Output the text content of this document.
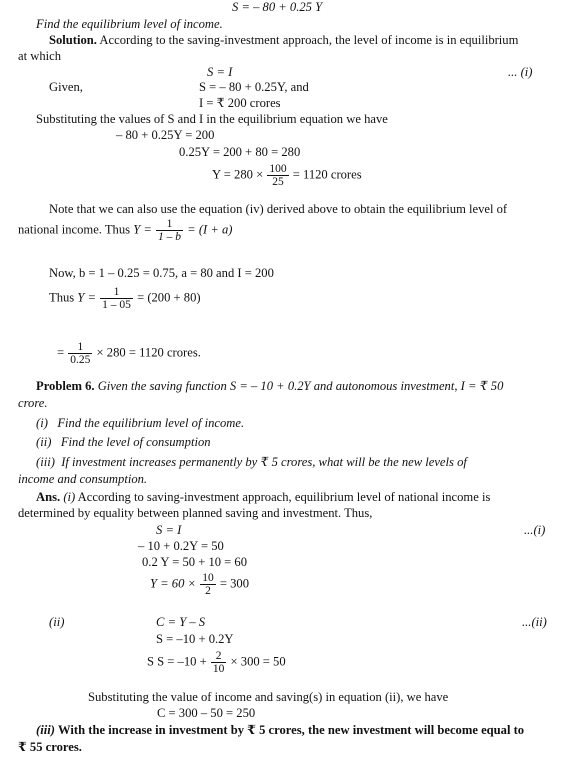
S = – 80 + 0.25 Y
Find the equilibrium level of income.
Solution. According to the saving-investment approach, the level of income is in equilibrium
at which
S = I	... (i)
Given,	S = – 80 + 0.25Y, and
I = ₹ 200 crores
Substituting the values of S and I in the equilibrium equation we have
– 80 + 0.25Y = 200
0.25Y = 200 + 80 = 280
$Y = 280 \times \frac{100}{25} = 1120$ crores
Note that we can also use the equation (iv) derived above to obtain the equilibrium level of
national income. Thus $Y = \frac{1}{1 - b} = (I + a)$
Now, b = 1 – 0.25 = 0.75, a = 80 and I = 200
Thus $Y = \frac{1}{1 - 05} = (200 + 80)$
= $\frac{1}{0.25} \times 280 = 1120$ crores.
Problem 6. Given the saving function S = – 10 + 0.2Y and autonomous investment, I = ₹ 50
crore.
(i) Find the equilibrium level of income.
(ii) Find the level of consumption
(iii) If investment increases permanently by ₹ 5 crores, what will be the new levels of
income and consumption.
Ans. (i) According to saving-investment approach, equilibrium level of national income is
determined by equality between planned saving and investment. Thus,
S = I	...(i)
– 10 + 0.2Y = 50
0.2 Y = 50 + 10 = 60
$Y = 60 \times \frac{10}{2} = 300$
(ii)	C = Y – S	...(ii)
S = –10 + 0.2Y
S $S = -10 + \frac{2}{10} \times 300 = 50$
Substituting the value of income and saving(s) in equation (ii), we have
C = 300 – 50 = 250
(iii) With the increase in investment by ₹ 5 crores, the new investment will become equal to
₹ 55 crores.
